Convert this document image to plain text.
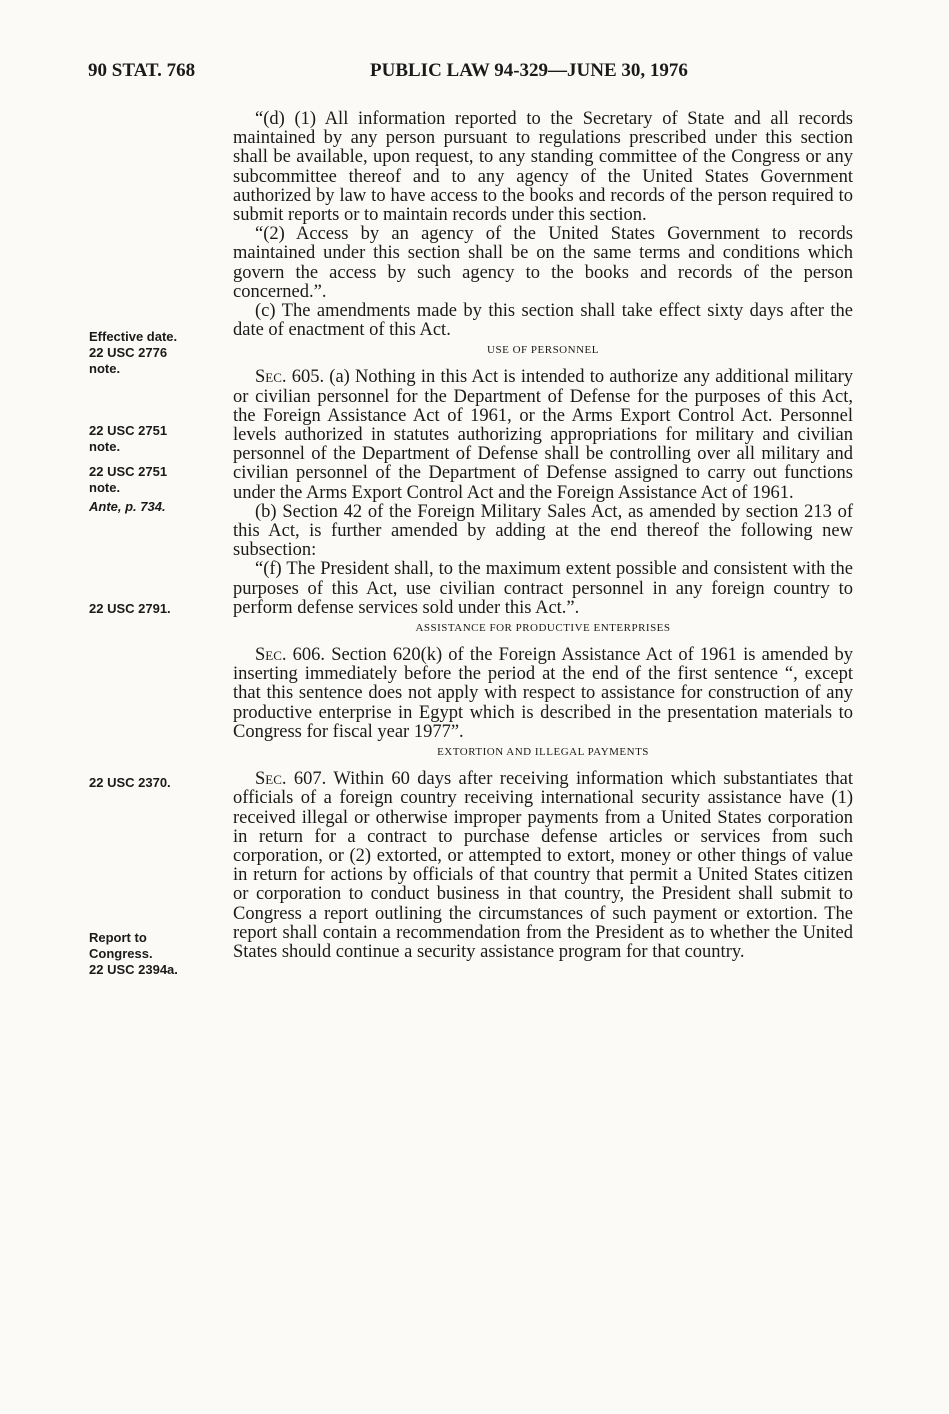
90 STAT. 768	PUBLIC LAW 94-329—JUNE 30, 1976
Effective date.
22 USC 2776
note.
22 USC 2751
note.
22 USC 2751
note.
Ante, p. 734.
22 USC 2791.
22 USC 2370.
Report to
Congress.
22 USC 2394a.

“(d) (1) All information reported to the Secretary of State and all records maintained by any person pursuant to regulations prescribed under this section shall be available, upon request, to any standing committee of the Congress or any subcommittee thereof and to any agency of the United States Government authorized by law to have access to the books and records of the person required to submit reports or to maintain records under this section.

“(2) Access by an agency of the United States Government to records maintained under this section shall be on the same terms and conditions which govern the access by such agency to the books and records of the person concerned.”.

(c) The amendments made by this section shall take effect sixty days after the date of enactment of this Act.

USE OF PERSONNEL

Sec. 605. (a) Nothing in this Act is intended to authorize any additional military or civilian personnel for the Department of Defense for the purposes of this Act, the Foreign Assistance Act of 1961, or the Arms Export Control Act. Personnel levels authorized in statutes authorizing appropriations for military and civilian personnel of the Department of Defense shall be controlling over all military and civilian personnel of the Department of Defense assigned to carry out functions under the Arms Export Control Act and the Foreign Assistance Act of 1961.

(b) Section 42 of the Foreign Military Sales Act, as amended by section 213 of this Act, is further amended by adding at the end thereof the following new subsection:

“(f) The President shall, to the maximum extent possible and consistent with the purposes of this Act, use civilian contract personnel in any foreign country to perform defense services sold under this Act.”.

ASSISTANCE FOR PRODUCTIVE ENTERPRISES

Sec. 606. Section 620(k) of the Foreign Assistance Act of 1961 is amended by inserting immediately before the period at the end of the first sentence “, except that this sentence does not apply with respect to assistance for construction of any productive enterprise in Egypt which is described in the presentation materials to Congress for fiscal year 1977”.

EXTORTION AND ILLEGAL PAYMENTS

Sec. 607. Within 60 days after receiving information which substantiates that officials of a foreign country receiving international security assistance have (1) received illegal or otherwise improper payments from a United States corporation in return for a contract to purchase defense articles or services from such corporation, or (2) extorted, or attempted to extort, money or other things of value in return for actions by officials of that country that permit a United States citizen or corporation to conduct business in that country, the President shall submit to Congress a report outlining the circumstances of such payment or extortion. The report shall contain a recommendation from the President as to whether the United States should continue a security assistance program for that country.
